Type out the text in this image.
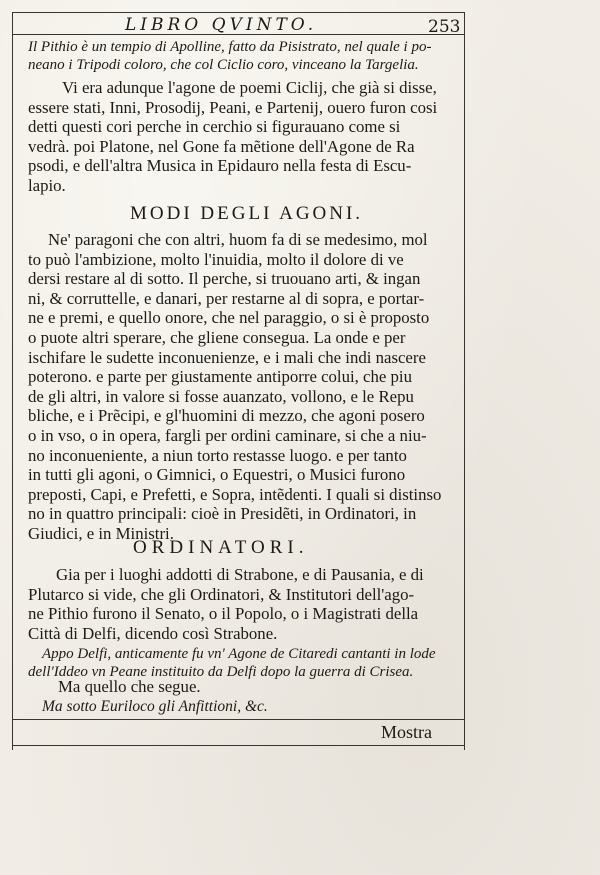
LIBRO QVINTO.	253
Il Pithio è un tempio di Apolline, fatto da Pisistrato, nel quale i po-
neano i Tripodi coloro, che col Ciclio coro, vinceano la Targelia.
Vi era adunque l'agone de poemi Ciclij, che già si disse,
essere stati, Inni, Prosodij, Peani, e Partenij, ouero furon cosi
detti questi cori perche in cerchio si figurauano come si
vedrà. poi Platone, nel Gone fa mẽtione dell'Agone de Ra
psodi, e dell'altra Musica in Epidauro nella festa di Escu-
lapio.
MODI DEGLI AGONI.
Ne' paragoni che con altri, huom fa di se medesimo, mol
to può l'ambizione, molto l'inuidia, molto il dolore di ve
dersi restare al di sotto. Il perche, si truouano arti, & ingan
ni, & corruttelle, e danari, per restarne al di sopra, e portar-
ne e premi, e quello onore, che nel paraggio, o si è proposto
o puote altri sperare, che gliene consegua. La onde e per
ischifare le sudette inconuenienze, e i mali che indi nascere
poterono. e parte per giustamente antiporre colui, che piu
de gli altri, in valore si fosse auanzato, vollono, e le Repu
bliche, e i Prẽcipi, e gl'huomini di mezzo, che agoni posero
o in vso, o in opera, fargli per ordini caminare, si che a niu-
no inconueniente, a niun torto restasse luogo. e per tanto
in tutti gli agoni, o Gimnici, o Equestri, o Musici furono
preposti, Capi, e Prefetti, e Sopra, intẽdenti. I quali si distinso
no in quattro principali: cioè in Presidẽti, in Ordinatori, in
Giudici, e in Ministri.
ORDINATORI.
Gia per i luoghi addotti di Strabone, e di Pausania, e di
Plutarco si vide, che gli Ordinatori, & Institutori dell'ago-
ne Pithio furono il Senato, o il Popolo, o i Magistrati della
Città di Delfi, dicendo così Strabone.
Appo Delfi, anticamente fu vn' Agone de Citaredi cantanti in lode
dell'Iddeo vn Peane instituito da Delfi dopo la guerra di Crisea.
Ma quello che segue.
Ma sotto Euriloco gli Anfittioni, &c.
Mostra
